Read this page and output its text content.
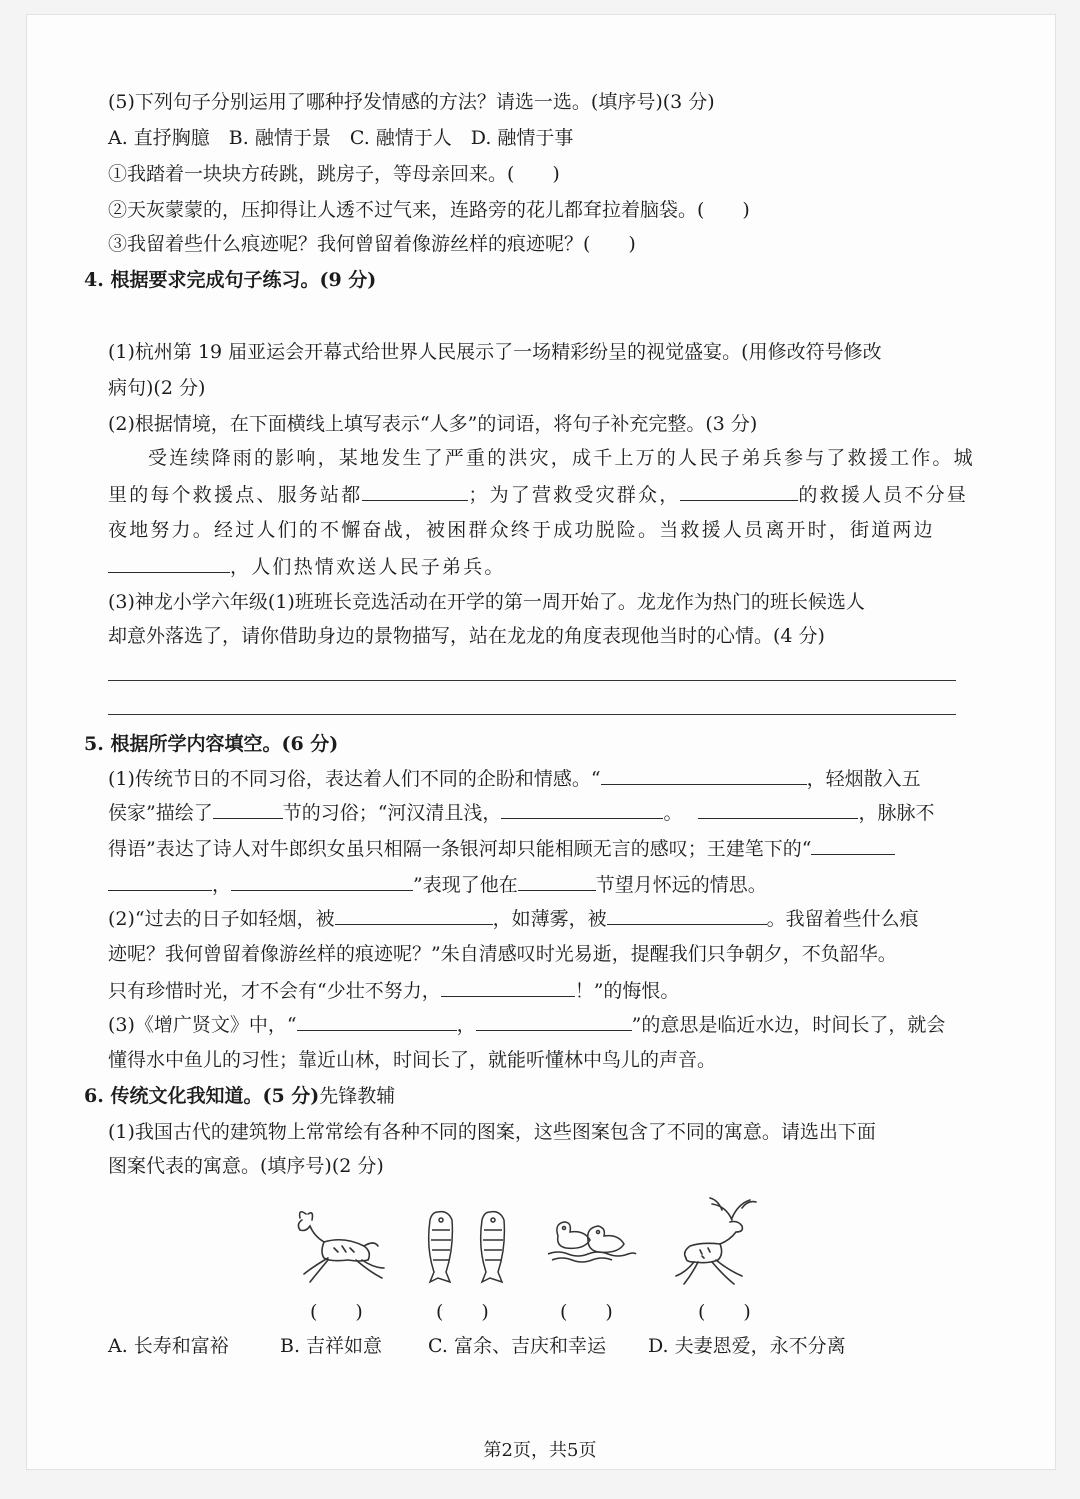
(5)下列句子分别运用了哪种抒发情感的方法？请选一选。(填序号)(3 分)
A. 直抒胸臆　B. 融情于景　C. 融情于人　D. 融情于事
①我踏着一块块方砖跳，跳房子，等母亲回来。(　　)
②天灰蒙蒙的，压抑得让人透不过气来，连路旁的花儿都耷拉着脑袋。(　　)
③我留着些什么痕迹呢？我何曾留着像游丝样的痕迹呢？(　　)
4. 根据要求完成句子练习。(9 分)
(1)杭州第 19 届亚运会开幕式给世界人民展示了一场精彩纷呈的视觉盛宴。(用修改符号修改
病句)(2 分)
(2)根据情境，在下面横线上填写表示“人多”的词语，将句子补充完整。(3 分)
受连续降雨的影响，某地发生了严重的洪灾，成千上万的人民子弟兵参与了救援工作。城
里的每个救援点、服务站都	；为了营救受灾群众，	的救援人员不分昼
夜地努力。经过人们的不懈奋战，被困群众终于成功脱险。当救援人员离开时，街道两边
，人们热情欢送人民子弟兵。
(3)神龙小学六年级(1)班班长竞选活动在开学的第一周开始了。龙龙作为热门的班长候选人
却意外落选了，请你借助身边的景物描写，站在龙龙的角度表现他当时的心情。(4 分)
5. 根据所学内容填空。(6 分)
(1)传统节日的不同习俗，表达着人们不同的企盼和情感。“	，轻烟散入五
侯家”描绘了	节的习俗；“河汉清且浅，	。	，脉脉不
得语”表达了诗人对牛郎织女虽只相隔一条银河却只能相顾无言的感叹；王建笔下的“
，	”表现了他在	节望月怀远的情思。
(2)“过去的日子如轻烟，被	，如薄雾，被	。我留着些什么痕
迹呢？我何曾留着像游丝样的痕迹呢？”朱自清感叹时光易逝，提醒我们只争朝夕，不负韶华。
只有珍惜时光，才不会有“少壮不努力，	！”的悔恨。
(3)《增广贤文》中，“	，	”的意思是临近水边，时间长了，就会
懂得水中鱼儿的习性；靠近山林，时间长了，就能听懂林中鸟儿的声音。
6. 传统文化我知道。(5 分)先锋教辅
(1)我国古代的建筑物上常常绘有各种不同的图案，这些图案包含了不同的寓意。请选出下面
图案代表的寓意。(填序号)(2 分)
(　　)	(　　)	(　　)	(　　)
A. 长寿和富裕	B. 吉祥如意 C. 富余、吉庆和幸运 D. 夫妻恩爱，永不分离
第2页，共5页
